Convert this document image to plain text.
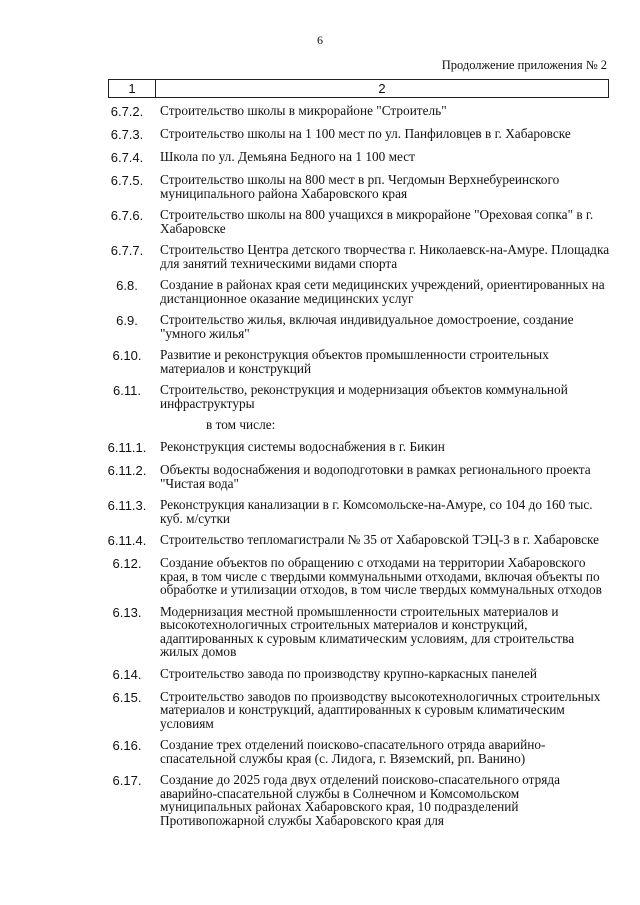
6
Продолжение приложения № 2
1	2
6.7.2.	Строительство школы в микрорайоне "Строитель"
6.7.3.	Строительство школы на 1 100 мест по ул. Панфиловцев в г. Хабаровске
6.7.4.	Школа по ул. Демьяна Бедного на 1 100 мест
6.7.5.	Строительство школы на 800 мест в рп. Чегдомын Верхнебуреинского муниципального района Хабаровского края
6.7.6.	Строительство школы на 800 учащихся в микрорайоне "Ореховая сопка" в г. Хабаровске
6.7.7.	Строительство Центра детского творчества г. Николаевск-на-Амуре. Площадка для занятий техническими видами спорта
6.8.	Создание в районах края сети медицинских учреждений, ориентированных на дистанционное оказание медицинских услуг
6.9.	Строительство жилья, включая индивидуальное домостроение, создание "умного жилья"
6.10.	Развитие и реконструкция объектов промышленности строительных материалов и конструкций
6.11.	Строительство, реконструкция и модернизация объектов коммунальной инфраструктуры
в том числе:
6.11.1.	Реконструкция системы водоснабжения в г. Бикин
6.11.2.	Объекты водоснабжения и водоподготовки в рамках регионального проекта "Чистая вода"
6.11.3.	Реконструкция канализации в г. Комсомольске-на-Амуре, со 104 до 160 тыс. куб. м/сутки
6.11.4.	Строительство тепломагистрали № 35 от Хабаровской ТЭЦ-3 в г. Хабаровске
6.12.	Создание объектов по обращению с отходами на территории Хабаровского края, в том числе с твердыми коммунальными отходами, включая объекты по обработке и утилизации отходов, в том числе твердых коммунальных отходов
6.13.	Модернизация местной промышленности строительных материалов и высокотехнологичных строительных материалов и конструкций, адаптированных к суровым климатическим условиям, для строительства жилых домов
6.14.	Строительство завода по производству крупно-каркасных панелей
6.15.	Строительство заводов по производству высокотехнологичных строительных материалов и конструкций, адаптированных к суровым климатическим условиям
6.16.	Создание трех отделений поисково-спасательного отряда аварийно-спасательной службы края (с. Лидога, г. Вяземский, рп. Ванино)
6.17.	Создание до 2025 года двух отделений поисково-спасательного отряда аварийно-спасательной службы в Солнечном и Комсомольском муниципальных районах Хабаровского края, 10 подразделений Противопожарной службы Хабаровского края для
